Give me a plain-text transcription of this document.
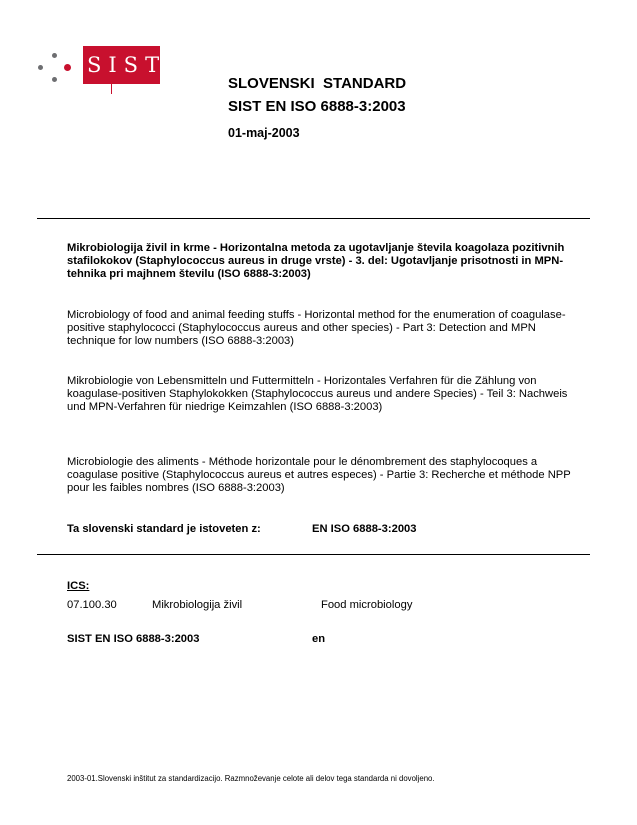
SIST
SLOVENSKI  STANDARD
SIST EN ISO 6888-3:2003
01-maj-2003
Mikrobiologija živil in krme - Horizontalna metoda za ugotavljanje števila koagolaza pozitivnih stafilokokov (Staphylococcus aureus in druge vrste) - 3. del: Ugotavljanje prisotnosti in MPN-tehnika pri majhnem številu (ISO 6888-3:2003)
Microbiology of food and animal feeding stuffs - Horizontal method for the enumeration of coagulase-positive staphylococci (Staphylococcus aureus and other species) - Part 3: Detection and MPN technique for low numbers (ISO 6888-3:2003)
Mikrobiologie von Lebensmitteln und Futtermitteln - Horizontales Verfahren für die Zählung von koagulase-positiven Staphylokokken (Staphylococcus aureus und andere Species) - Teil 3: Nachweis und MPN-Verfahren für niedrige Keimzahlen (ISO 6888-3:2003)
Microbiologie des aliments - Méthode horizontale pour le dénombrement des staphylocoques a coagulase positive (Staphylococcus aureus et autres especes) - Partie 3: Recherche et méthode NPP pour les faibles nombres (ISO 6888-3:2003)
Ta slovenski standard je istoveten z:	EN ISO 6888-3:2003
ICS:
07.100.30	Mikrobiologija živil	Food microbiology
SIST EN ISO 6888-3:2003	en
2003-01.Slovenski inštitut za standardizacijo. Razmnoževanje celote ali delov tega standarda ni dovoljeno.
